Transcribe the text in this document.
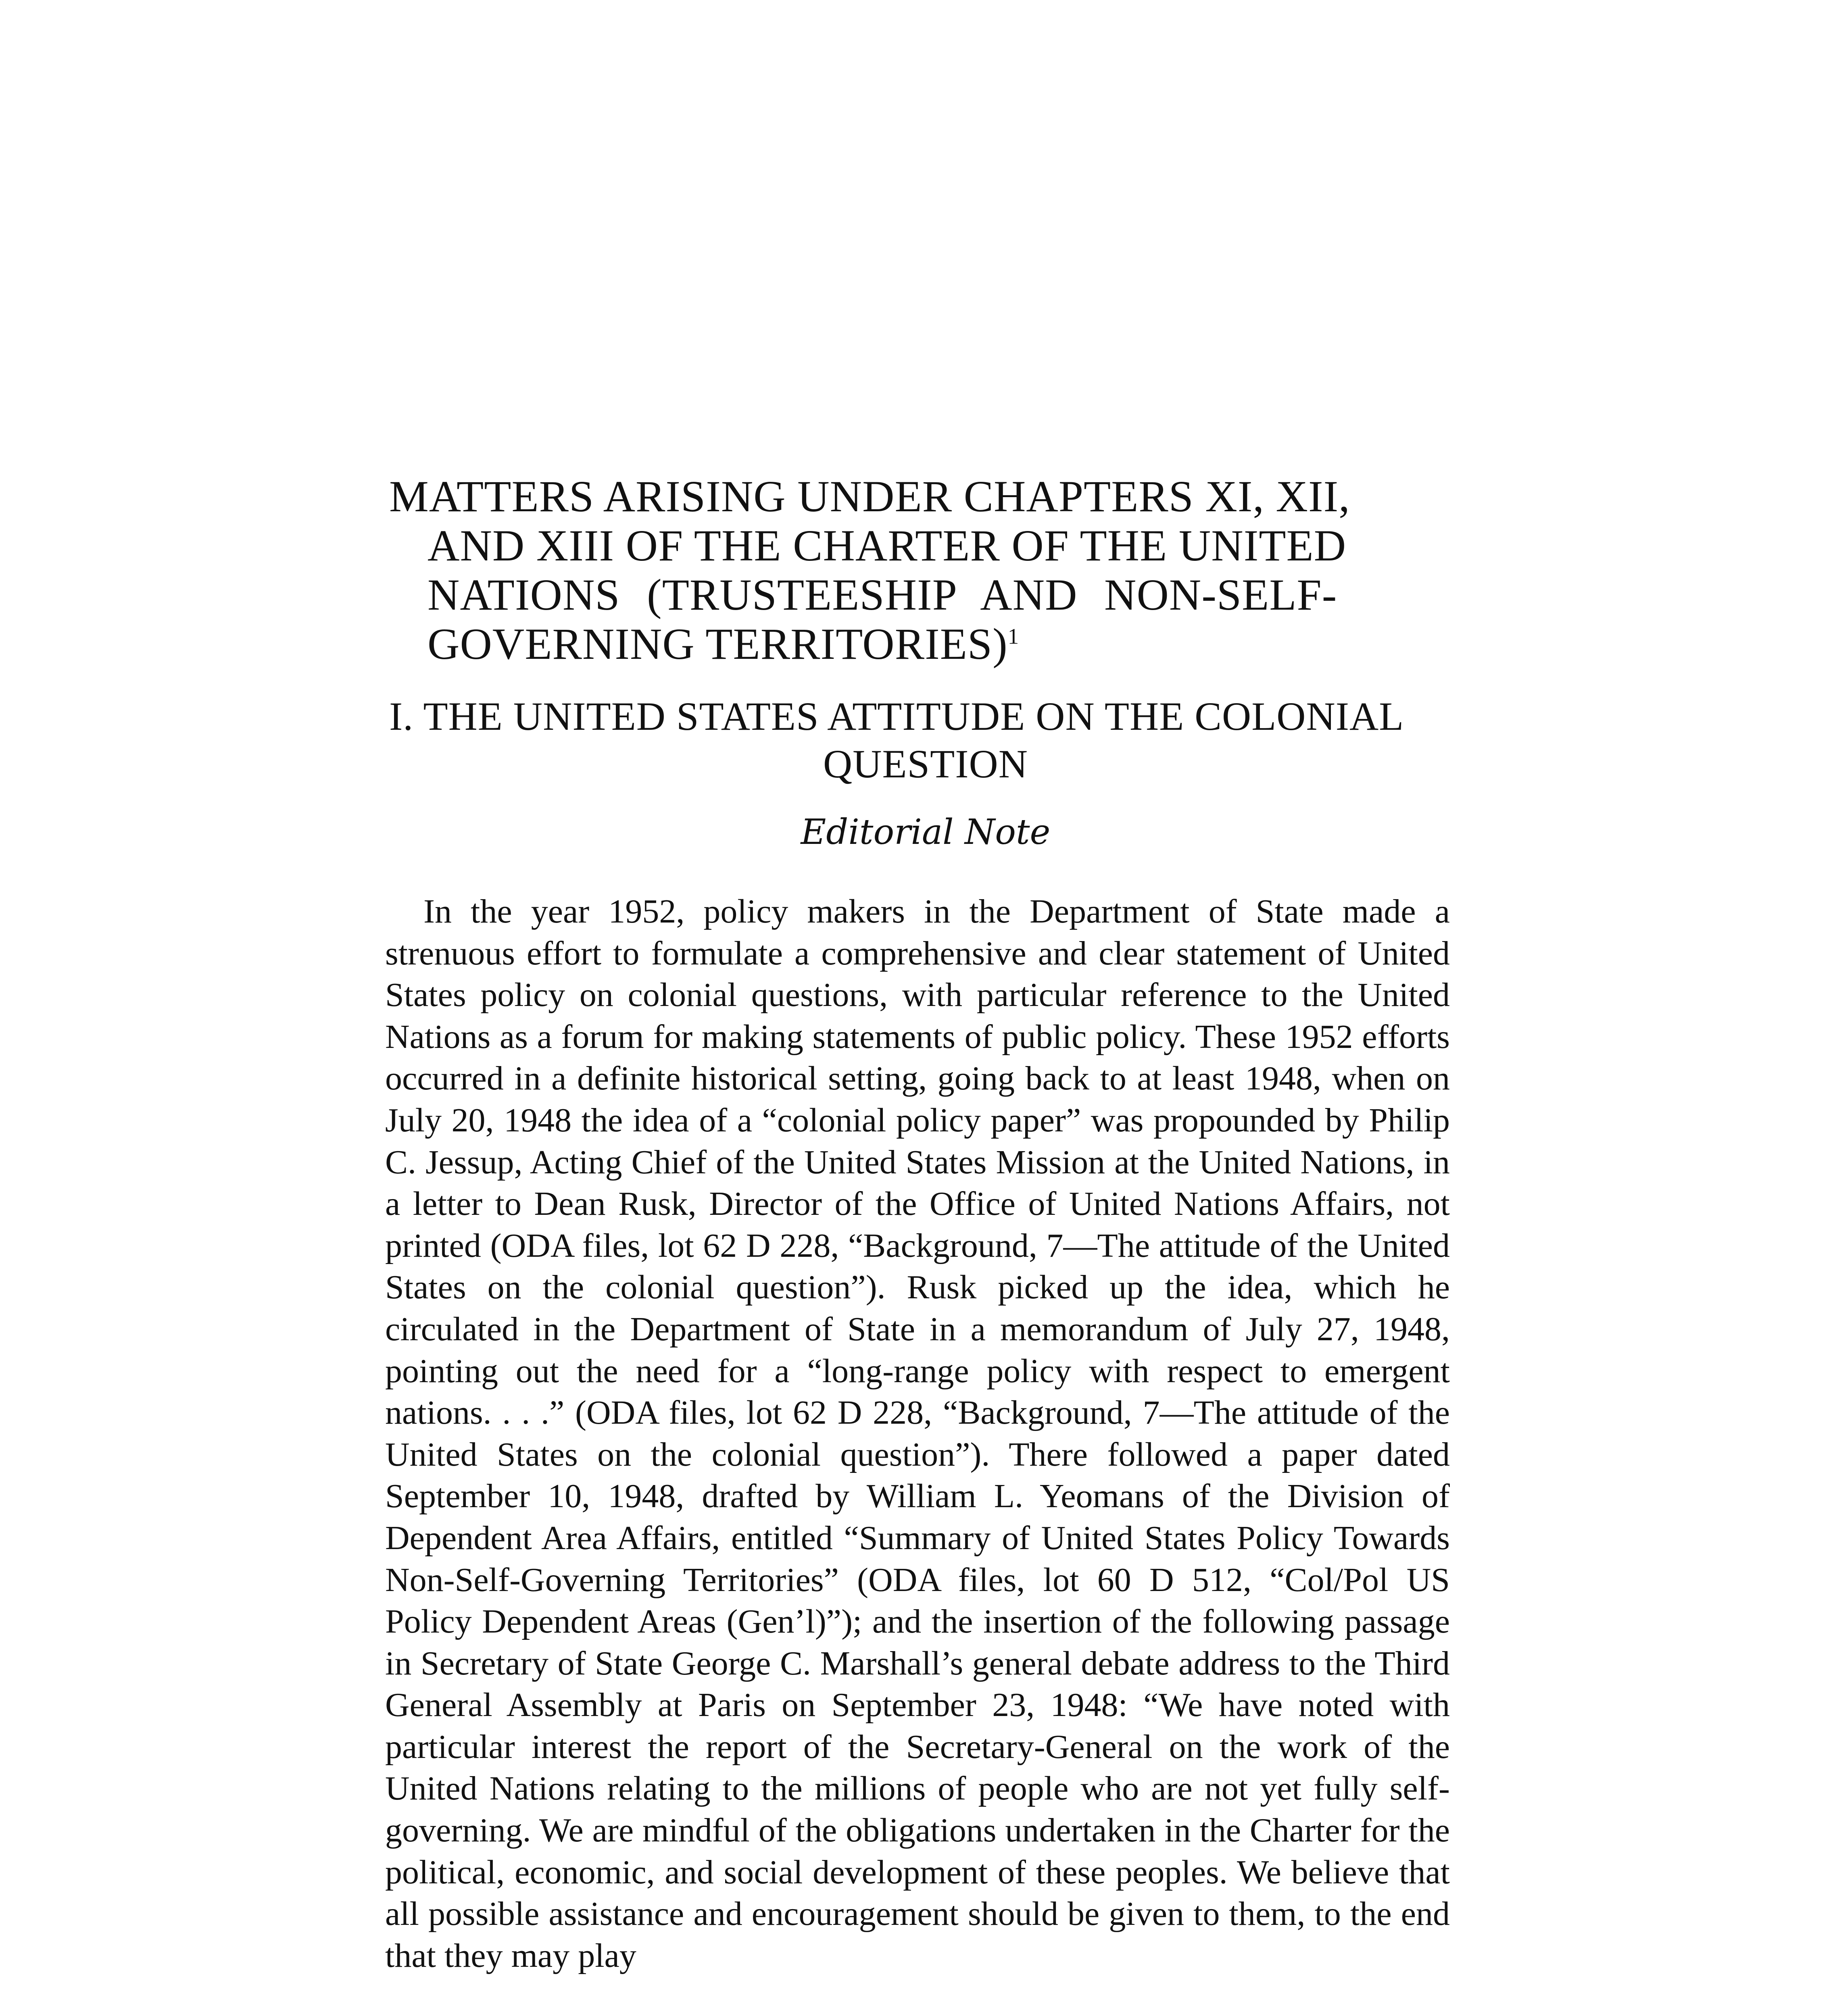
MATTERS ARISING UNDER CHAPTERS XI, XII,
AND XIII OF THE CHARTER OF THE UNITED
NATIONS (TRUSTEESHIP AND NON-SELF-
GOVERNING TERRITORIES)$^1$
I. THE UNITED STATES ATTITUDE ON THE COLONIAL
QUESTION
Editorial Note

In the year 1952, policy makers in the Department of State made a strenuous effort to formulate a comprehensive and clear statement of United States policy on colonial questions, with particular reference to the United Nations as a forum for making statements of public policy. These 1952 efforts occurred in a definite historical setting, going back to at least 1948, when on July 20, 1948 the idea of a “colonial policy paper” was propounded by Philip C. Jessup, Acting Chief of the United States Mission at the United Nations, in a letter to Dean Rusk, Director of the Office of United Nations Affairs, not printed (ODA files, lot 62 D 228, “Background, 7—The attitude of the United States on the colonial question”). Rusk picked up the idea, which he circulated in the Department of State in a memorandum of July 27, 1948, pointing out the need for a “long-range policy with respect to emergent nations. . . .” (ODA files, lot 62 D 228, “Background, 7—The attitude of the United States on the colonial question”). There followed a paper dated September 10, 1948, drafted by William L. Yeomans of the Division of Dependent Area Affairs, entitled “Summary of United States Policy Towards Non-Self-Governing Territories” (ODA files, lot 60 D 512, “Col/Pol US Policy Dependent Areas (Gen’l)”); and the insertion of the following passage in Secretary of State George C. Marshall’s general debate address to the Third General Assembly at Paris on September 23, 1948: “We have noted with particular interest the report of the Secretary-General on the work of the United Nations relating to the millions of people who are not yet fully self-governing. We are mindful of the obligations undertaken in the Charter for the political, economic, and social development of these peoples. We believe that all possible assistance and encouragement should be given to them, to the end that they may play
